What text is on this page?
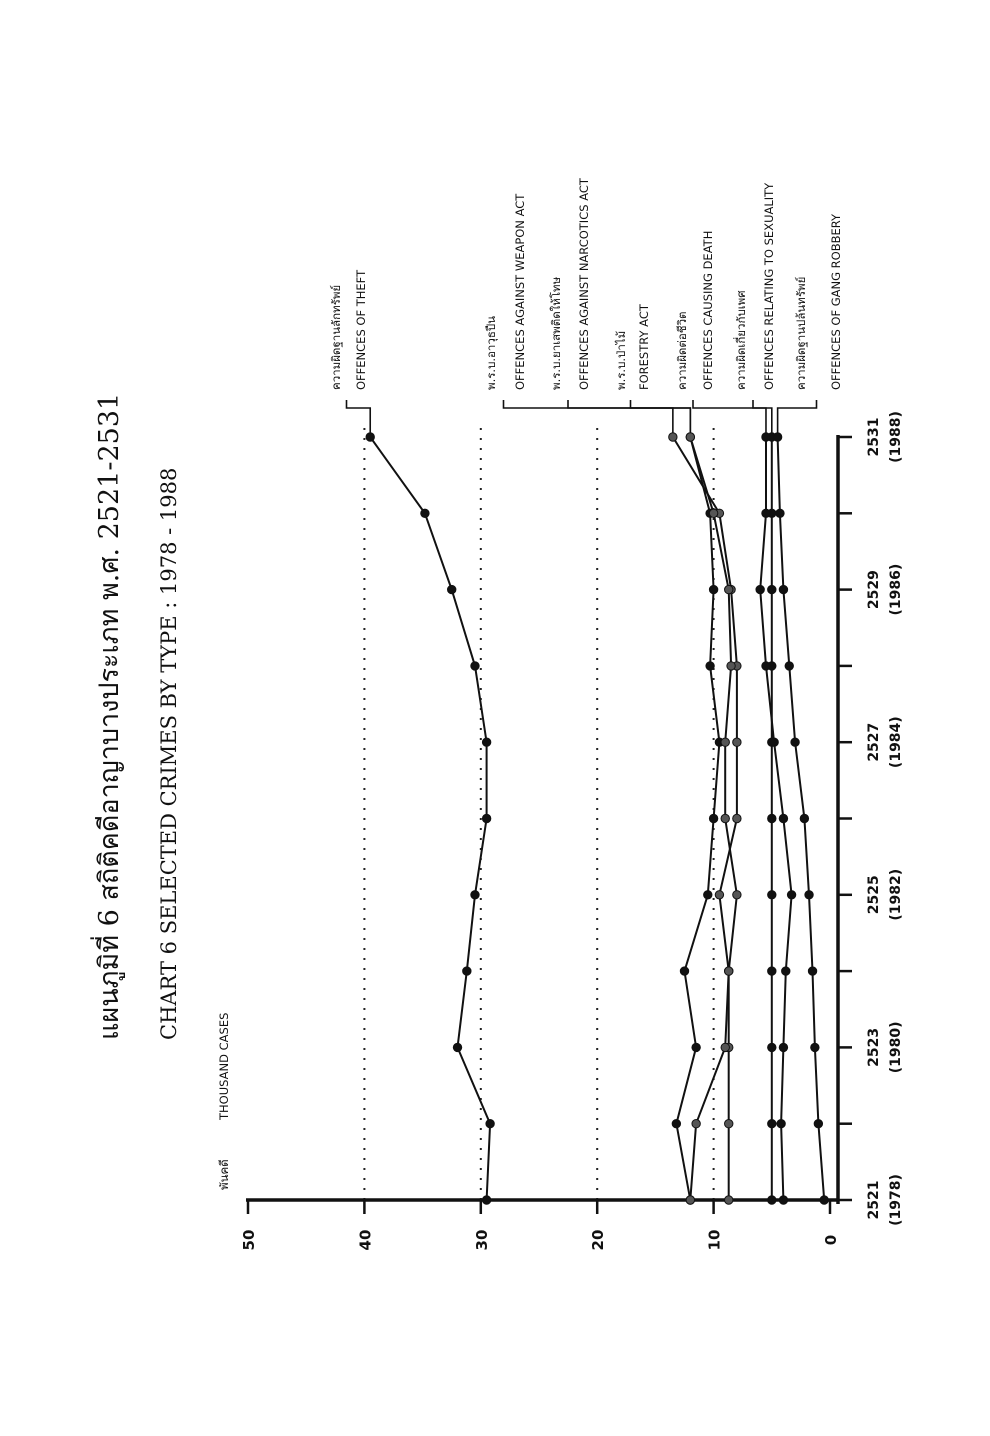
แผนภูมิที่ 6 สถิติคดีอาญาบางประเภท พ.ศ. 2521-2531 CHART 6 SELECTED CRIMES BY TYPE : 1978 - 1988
พันคดี
THOUSAND CASES
0
10
20
30
40
50
2521 (1978)
2523 (1980)
2525 (1982)
2527 (1984)
2529 (1986)
2531 (1988)
ความผิดฐานลักทรัพย์ OFFENCES OF THEFT	พ.ร.บ.อาวุธปืน OFFENCES AGAINST WEAPON ACT พ.ร.บ.ยาเสพติดให้โทษ OFFENCES AGAINST NARCOTICS ACT พ.ร.บ.ป่าไม้ FORESTRY ACT ความผิดต่อชีวิต OFFENCES CAUSING DEATH ความผิดเกี่ยวกับเพศ OFFENCES RELATING TO SEXUALITY ความผิดฐานปล้นทรัพย์ OFFENCES OF GANG ROBBERY
